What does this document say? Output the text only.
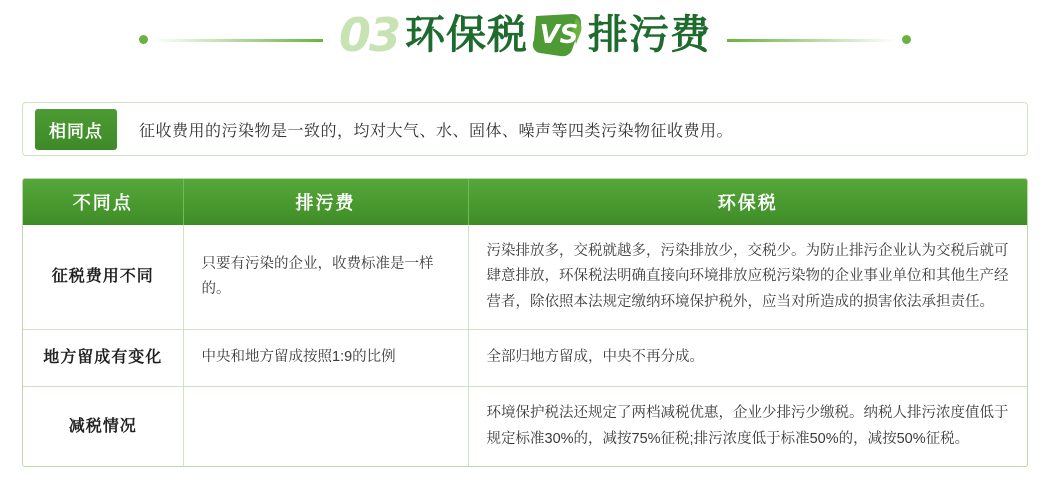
03 环保税 VS 排污费
相同点	征收费用的污染物是一致的，均对大气、水、固体、噪声等四类污染物征收费用。
不同点	排污费	环保税
征税费用不同	只要有污染的企业，收费标准是一样的。	污染排放多，交税就越多，污染排放少，交税少。为防止排污企业认为交税后就可肆意排放，环保税法明确直接向环境排放应税污染物的企业事业单位和其他生产经营者，除依照本法规定缴纳环境保护税外，应当对所造成的损害依法承担责任。
地方留成有变化	中央和地方留成按照1:9的比例	全部归地方留成，中央不再分成。
减税情况		环境保护税法还规定了两档减税优惠，企业少排污少缴税。纳税人排污浓度值低于规定标准30%的，减按75%征税;排污浓度低于标准50%的，减按50%征税。
